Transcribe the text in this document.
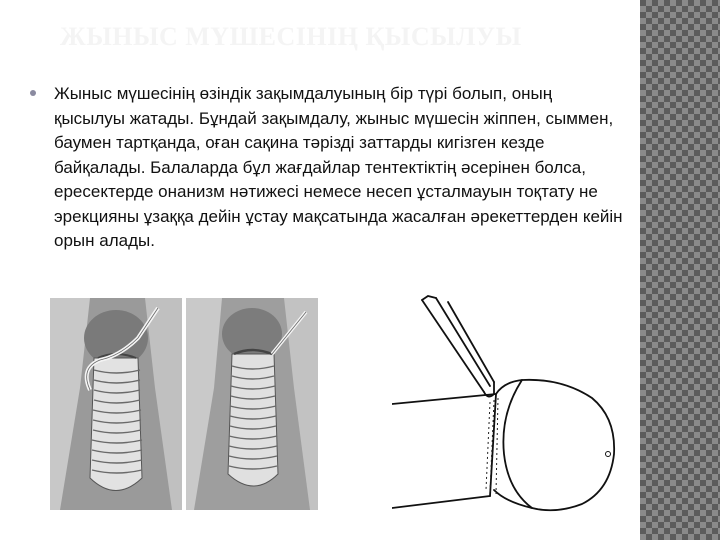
ЖЫНЫС МҮШЕСІНІҢ ҚЫСЫЛУЫ

Жыныс мүшесінің өзіндік зақымдалуының бір түрі болып, оның қысылуы жатады. Бұндай зақымдалу, жыныс мүшесін жіппен, сыммен, баумен тартқанда, оған сақина тәрізді заттарды кигізген кезде байқалады. Балаларда бұл жағдайлар тентектіктің әсерінен болса, ересектерде онанизм нәтижесі немесе несеп ұсталмауын тоқтату не эрекцияны ұзаққа дейін ұстау мақсатында жасалған әрекеттерден кейін орын алады.
